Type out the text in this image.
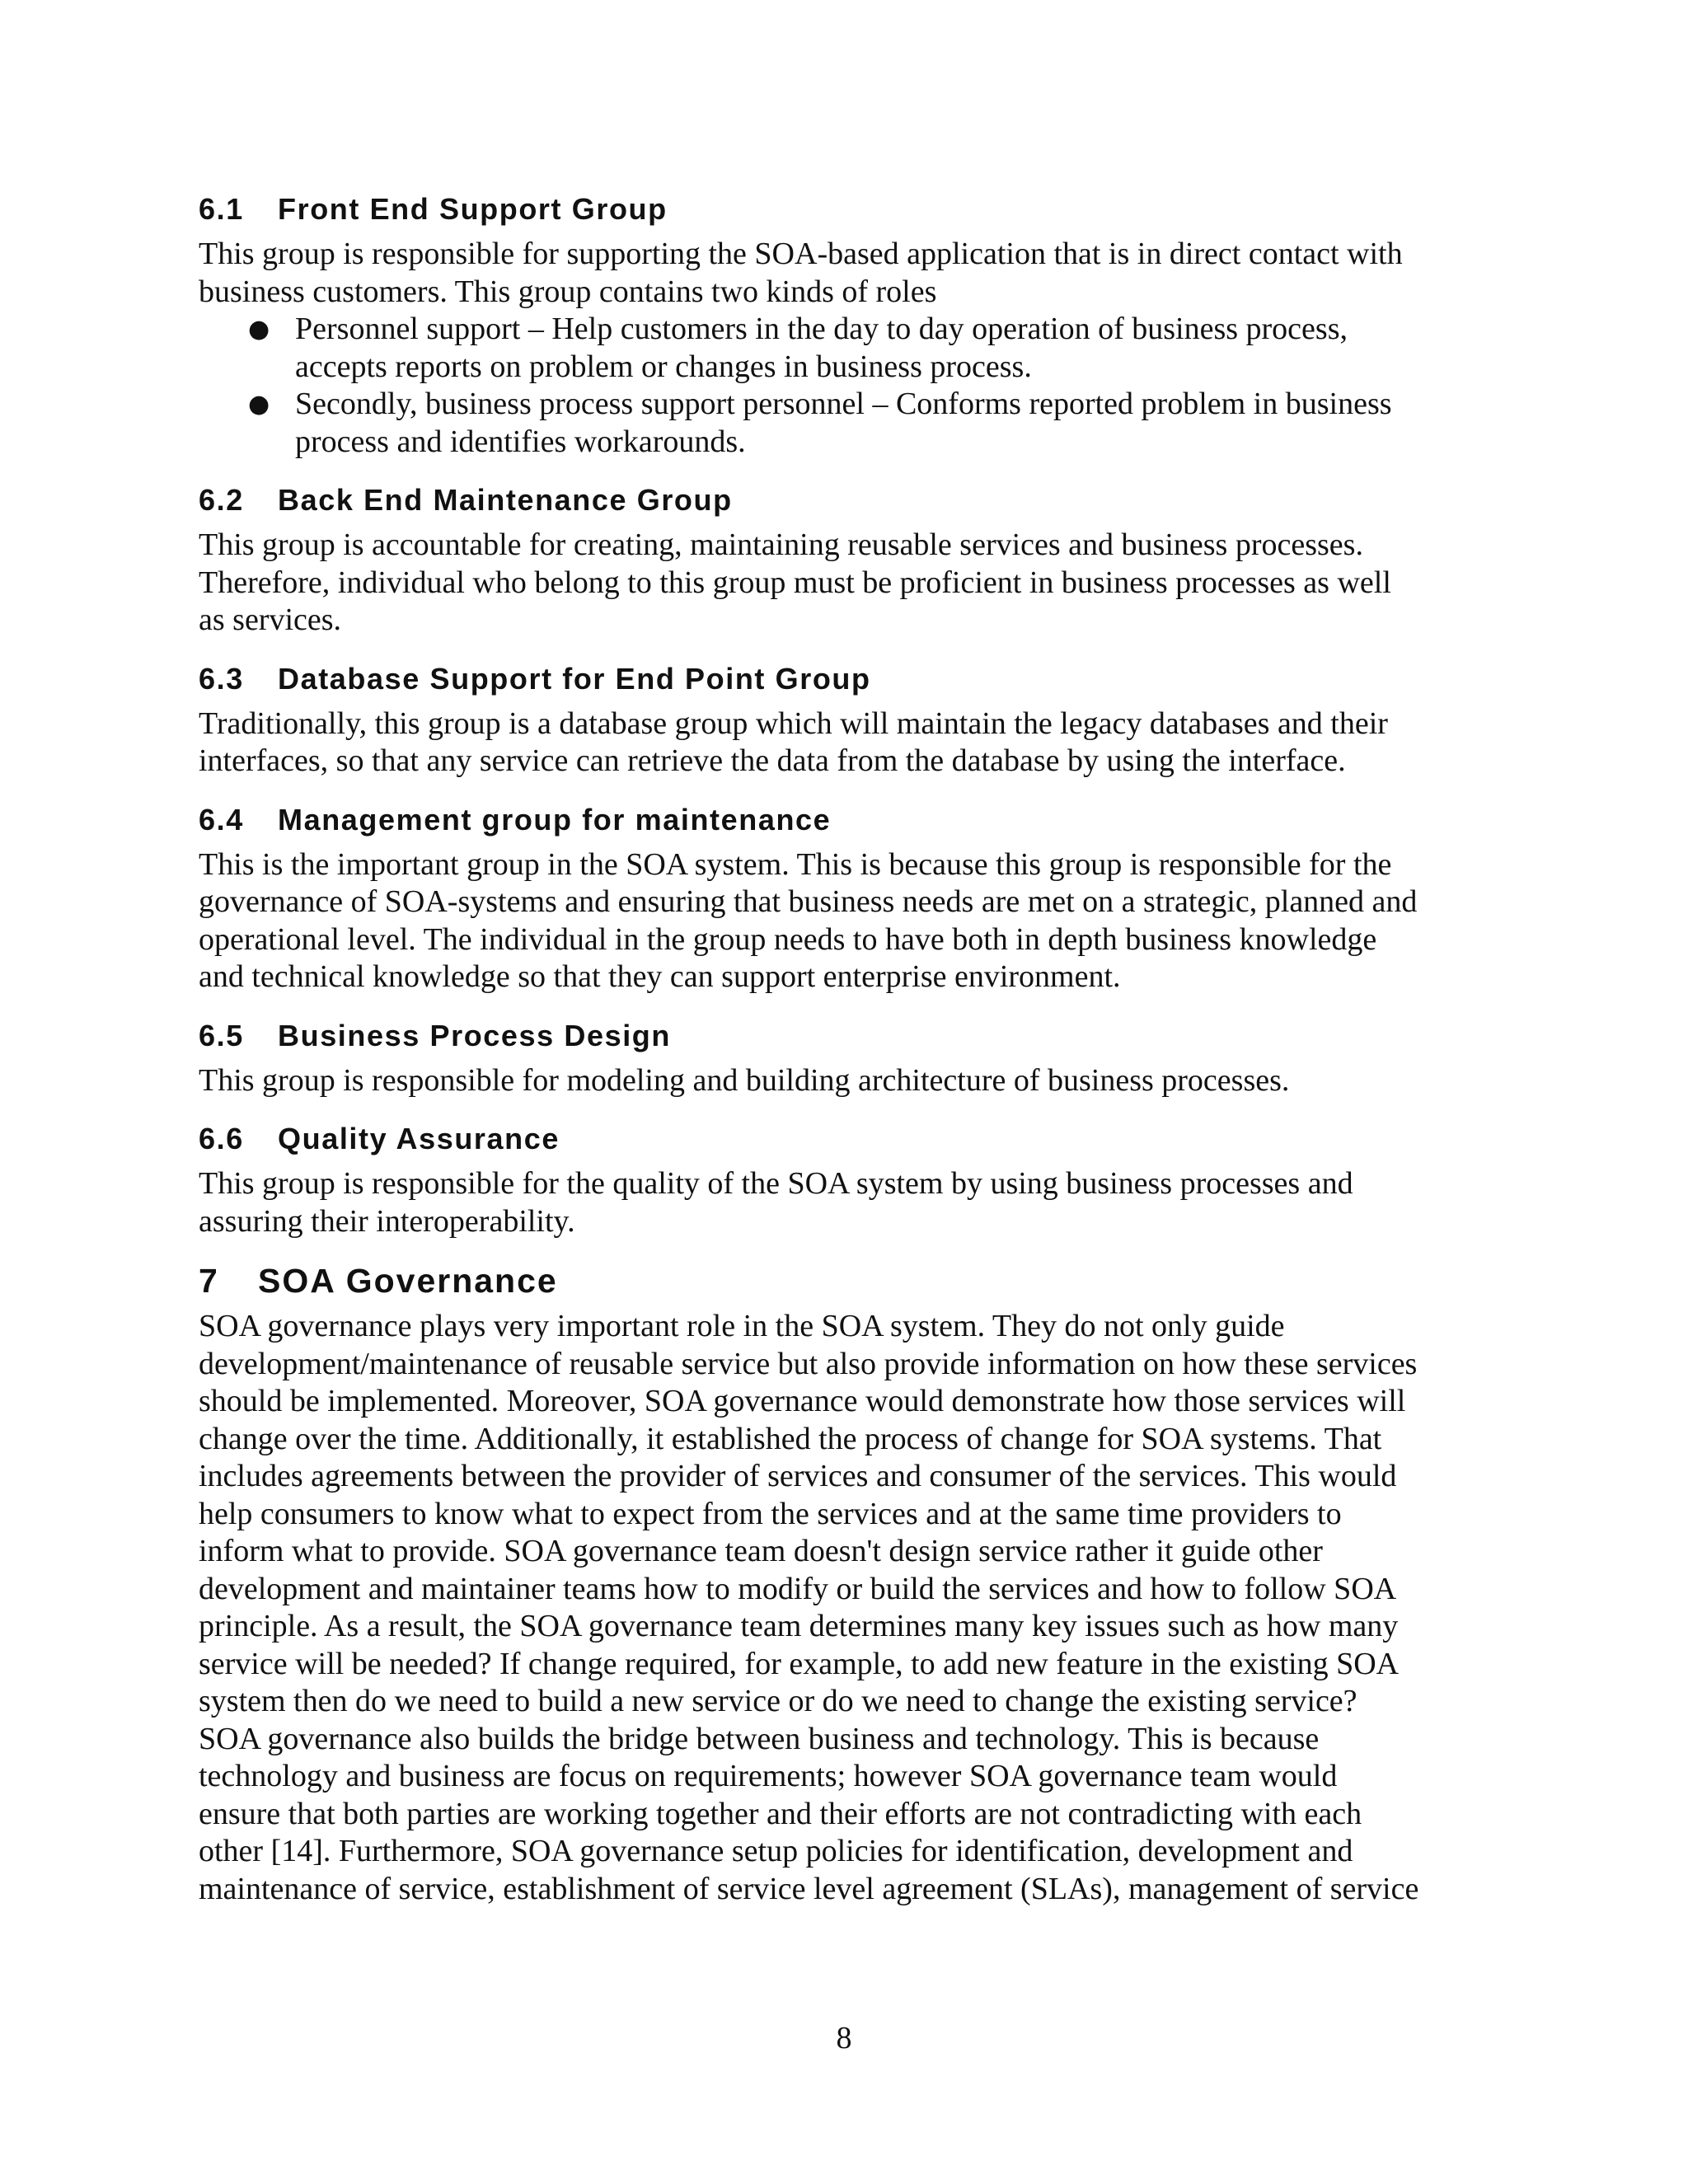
6.1 Front End Support Group
This group is responsible for supporting the SOA-based application that is in direct contact with
business customers. This group contains two kinds of roles
● Personnel support – Help customers in the day to day operation of business process,
accepts reports on problem or changes in business process.
● Secondly, business process support personnel – Conforms reported problem in business
process and identifies workarounds.
6.2 Back End Maintenance Group
This group is accountable for creating, maintaining reusable services and business processes.
Therefore, individual who belong to this group must be proficient in business processes as well
as services.
6.3 Database Support for End Point Group
Traditionally, this group is a database group which will maintain the legacy databases and their
interfaces, so that any service can retrieve the data from the database by using the interface.
6.4 Management group for maintenance
This is the important group in the SOA system. This is because this group is responsible for the
governance of SOA-systems and ensuring that business needs are met on a strategic, planned and
operational level. The individual in the group needs to have both in depth business knowledge
and technical knowledge so that they can support enterprise environment.
6.5 Business Process Design
This group is responsible for modeling and building architecture of business processes.
6.6 Quality Assurance
This group is responsible for the quality of the SOA system by using business processes and
assuring their interoperability.
7 SOA Governance
SOA governance plays very important role in the SOA system. They do not only guide
development/maintenance of reusable service but also provide information on how these services
should be implemented. Moreover, SOA governance would demonstrate how those services will
change over the time. Additionally, it established the process of change for SOA systems. That
includes agreements between the provider of services and consumer of the services. This would
help consumers to know what to expect from the services and at the same time providers to
inform what to provide. SOA governance team doesn't design service rather it guide other
development and maintainer teams how to modify or build the services and how to follow SOA
principle. As a result, the SOA governance team determines many key issues such as how many
service will be needed? If change required, for example, to add new feature in the existing SOA
system then do we need to build a new service or do we need to change the existing service?
SOA governance also builds the bridge between business and technology. This is because
technology and business are focus on requirements; however SOA governance team would
ensure that both parties are working together and their efforts are not contradicting with each
other [14]. Furthermore, SOA governance setup policies for identification, development and
maintenance of service, establishment of service level agreement (SLAs), management of service
8
